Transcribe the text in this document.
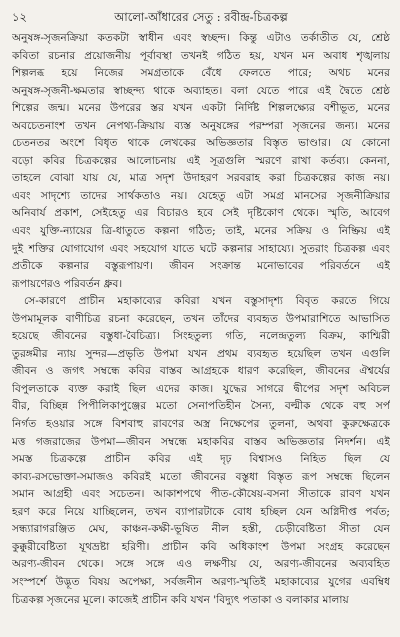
১২	আলো-আঁধারের সেতু : রবীন্দ্র-চিত্রকল্প
অনুষঙ্গ-সৃজনক্রিয়া কতকটা স্বাধীন এবং স্বচ্ছন্দ। কিন্তু এটাও তর্কাতীত যে, শ্রেষ্ঠ
কবিতা রচনার প্রয়োজনীয় পূর্বাবস্থা তখনই গঠিত হয়, যখন মন অবাধ শৃঙ্খলায়
শিল্পলব্ধ হয়ে নিজের সমগ্রতাকে বেঁধে ফেলতে পারে; অথচ মনের
অনুষঙ্গ-সৃজনী-ক্ষমতার স্বাচ্ছন্দ্য থাকে অব্যাহত। বলা যেতে পারে এই দ্বৈতে শ্রেষ্ঠ
শিল্পের জন্ম। মনের উপরের স্তর যখন একটা নির্দিষ্ট শিল্পলক্ষ্যের বশীভূত, মনের
অবচেতনাংশ তখন নেপথ্য-ক্রিয়ায় ব্যস্ত অনুষঙ্গের পরম্পরা সৃজনের জন্য। মনের
চেতনতর অংশে বিধৃত থাকে লেখকের অভিজ্ঞতার বিস্তৃত ভাণ্ডার। যে কোনো
বড়ো কবির চিত্রকল্পের আলোচনায় এই সূত্রগুলি স্মরণে রাখা কর্তব্য। কেননা,
তাহলে বোঝা যায় যে, মাত্র সদৃশ উদাহরণ সরবরাহ করা চিত্রকল্পের কাজ নয়।
এবং সাদৃশ্যে তাদের সার্থকতাও নয়। যেহেতু এটা সমগ্র মানসের সৃজনীক্রিয়ার
অনিবার্য প্রকাশ, সেইহেতু এর বিচারও হবে সেই দৃষ্টিকোণ থেকে। স্মৃতি, আবেগ
এবং যুক্তি-ন্যায়ের ত্রি-ধাতুতে কল্পনা গঠিত; তাই, মনের সক্রিয় ও নিষ্ক্রিয় এই
দুই শক্তির যোগাযোগ এবং সহযোগ যাতে ঘটে কল্পনার সাহায্যে। সুতরাং চিত্রকল্প এবং
প্রতীকে কল্পনার বস্তুরূপায়ণ। জীবন সংক্রান্ত মনোভাবের পরিবর্তনে এই
রূপায়ণেরও পরিবর্তন ধ্রুব।
সে-কারণে প্রাচীন মহাকাব্যের কবিরা যখন বস্তুসাদৃশ্য বিবৃত করতে গিয়ে
উপমামূলক বাণীচিত্র রচনা করেছেন, তখন তাঁদের ব্যবহৃত উপমারাশিতে আভাসিত
হয়েছে জীবনের বস্তুধা-বৈচিত্র্য। সিংহতুল্য গতি, নলেন্দ্রতুল্য বিক্রম, কাশ্মিরী
তুরঙ্গমীর ন্যায় সুন্দর—প্রভৃতি উপমা যখন প্রথম ব্যবহৃত হয়েছিল তখন এগুলি
জীবন ও জগৎ সম্বন্ধে কবির বাস্তব আগ্রহকে ধারণ করেছিল, জীবনের ঐশ্বর্যের
বিপুলতাকে ব্যক্ত করাই ছিল এদের কাজ। যুদ্ধের সাগরে দ্বীপের সদৃশ অবিচল
বীর, বিচ্ছিন্ন পিপীলিকাপুঞ্জের মতো সেনাপতিহীন সৈন্য, বল্মীক থেকে বহু সর্প
নির্গত হওয়ার সঙ্গে বিশবাহু রাবণের অস্ত্র নিক্ষেপের তুলনা, অথবা কুরুক্ষেত্রকে
মত্ত গজরাজের উপমা—জীবন সম্বন্ধে মহাকবির বাস্তব অভিজ্ঞতার নিদর্শন। এই
সমস্ত চিত্রকল্পে প্রাচীন কবির এই দৃঢ় বিশ্বাসও নিহিত ছিল যে
কাব্য-রসভোক্তা-সমাজও কবিরই মতো জীবনের বস্তুধা বিস্তৃত রূপ সম্বন্ধে ছিলেন
সমান আগ্রহী এবং সচেতন। আকাশপথে পীত-কৌষেয়-বসনা সীতাকে রাবণ যখন
হরণ করে নিয়ে যাচ্ছিলেন, তখন ব্যাপারটাকে বোধ হচ্ছিল যেন অগ্নিদীপ্ত পর্বত;
সন্ধ্যারাগরঞ্জিত মেঘ, কাঞ্চন-কক্ষী-ভূষিত নীল হস্তী, চেড়ীবেষ্টিতা সীতা যেন
কুক্কুরীবেষ্টিতা যূথভ্রষ্টা হরিণী। প্রাচীন কবি অধিকাংশ উপমা সংগ্রহ করেছেন
অরণ্য-জীবন থেকে। সঙ্গে সঙ্গে এও লক্ষণীয় যে, অরণ্য-জীবনের অব্যবহিত
সংস্পর্শে উদ্ভূত বিষয় অপেক্ষা, সর্বজনীন অরণ্য-স্মৃতিই মহাকাব্যের যুগের এবম্বিধ
চিত্রকল্প সৃজনের মূলে। কাজেই প্রাচীন কবি যখন 'বিদ্যুৎ পতাকা ও বলাকার মালায়
